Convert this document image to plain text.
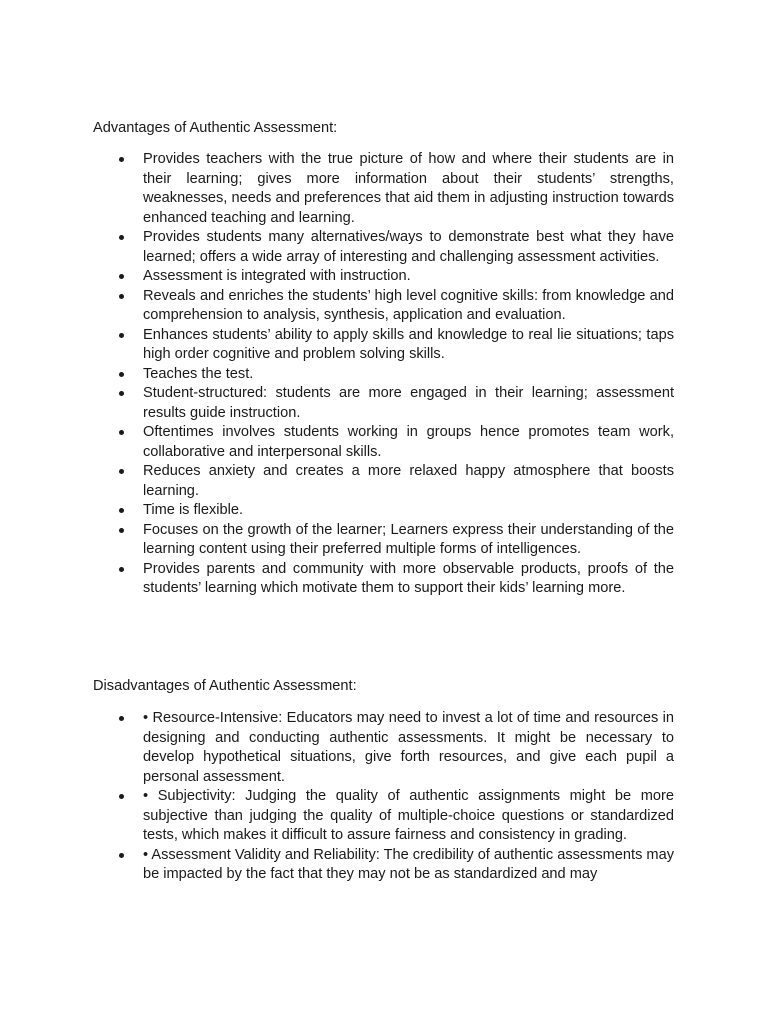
Advantages of Authentic Assessment:
Provides teachers with the true picture of how and where their students are in their learning; gives more information about their students’ strengths, weaknesses, needs and preferences that aid them in adjusting instruction towards enhanced teaching and learning.
Provides students many alternatives/ways to demonstrate best what they have learned; offers a wide array of interesting and challenging assessment activities.
Assessment is integrated with instruction.
Reveals and enriches the students’ high level cognitive skills: from knowledge and comprehension to analysis, synthesis, application and evaluation.
Enhances students’ ability to apply skills and knowledge to real lie situations; taps high order cognitive and problem solving skills.
Teaches the test.
Student-structured: students are more engaged in their learning; assessment results guide instruction.
Oftentimes involves students working in groups hence promotes team work, collaborative and interpersonal skills.
Reduces anxiety and creates a more relaxed happy atmosphere that boosts learning.
Time is flexible.
Focuses on the growth of the learner; Learners express their understanding of the learning content using their preferred multiple forms of intelligences.
Provides parents and community with more observable products, proofs of the students’ learning which motivate them to support their kids’ learning more.
Disadvantages of Authentic Assessment:
• Resource-Intensive: Educators may need to invest a lot of time and resources in designing and conducting authentic assessments. It might be necessary to develop hypothetical situations, give forth resources, and give each pupil a personal assessment.
• Subjectivity: Judging the quality of authentic assignments might be more subjective than judging the quality of multiple-choice questions or standardized tests, which makes it difficult to assure fairness and consistency in grading.
• Assessment Validity and Reliability: The credibility of authentic assessments may be impacted by the fact that they may not be as standardized and may
